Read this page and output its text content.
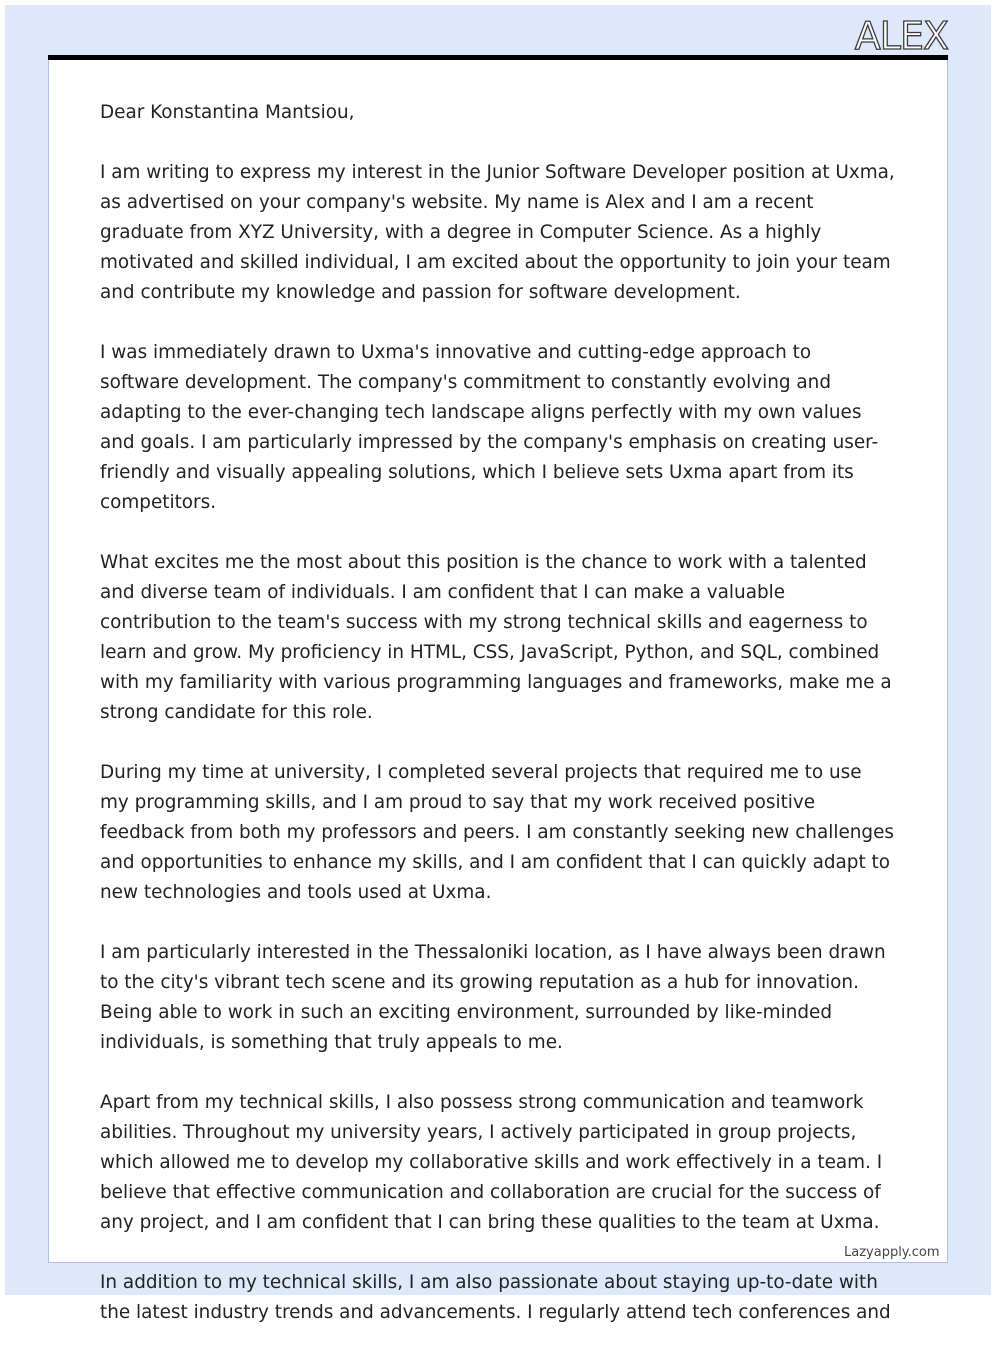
ALEX

Dear Konstantina Mantsiou,

I am writing to express my interest in the Junior Software Developer position at Uxma, as advertised on your company's website. My name is Alex and I am a recent graduate from XYZ University, with a degree in Computer Science. As a highly motivated and skilled individual, I am excited about the opportunity to join your team and contribute my knowledge and passion for software development.

I was immediately drawn to Uxma's innovative and cutting-edge approach to software development. The company's commitment to constantly evolving and adapting to the ever-changing tech landscape aligns perfectly with my own values and goals. I am particularly impressed by the company's emphasis on creating user-friendly and visually appealing solutions, which I believe sets Uxma apart from its competitors.

What excites me the most about this position is the chance to work with a talented and diverse team of individuals. I am confident that I can make a valuable contribution to the team's success with my strong technical skills and eagerness to learn and grow. My proficiency in HTML, CSS, JavaScript, Python, and SQL, combined with my familiarity with various programming languages and frameworks, make me a strong candidate for this role.

During my time at university, I completed several projects that required me to use my programming skills, and I am proud to say that my work received positive feedback from both my professors and peers. I am constantly seeking new challenges and opportunities to enhance my skills, and I am confident that I can quickly adapt to new technologies and tools used at Uxma.

I am particularly interested in the Thessaloniki location, as I have always been drawn to the city's vibrant tech scene and its growing reputation as a hub for innovation. Being able to work in such an exciting environment, surrounded by like-minded individuals, is something that truly appeals to me.

Apart from my technical skills, I also possess strong communication and teamwork abilities. Throughout my university years, I actively participated in group projects, which allowed me to develop my collaborative skills and work effectively in a team. I believe that effective communication and collaboration are crucial for the success of any project, and I am confident that I can bring these qualities to the team at Uxma.

In addition to my technical skills, I am also passionate about staying up-to-date with the latest industry trends and advancements. I regularly attend tech conferences and

Lazyapply.com
